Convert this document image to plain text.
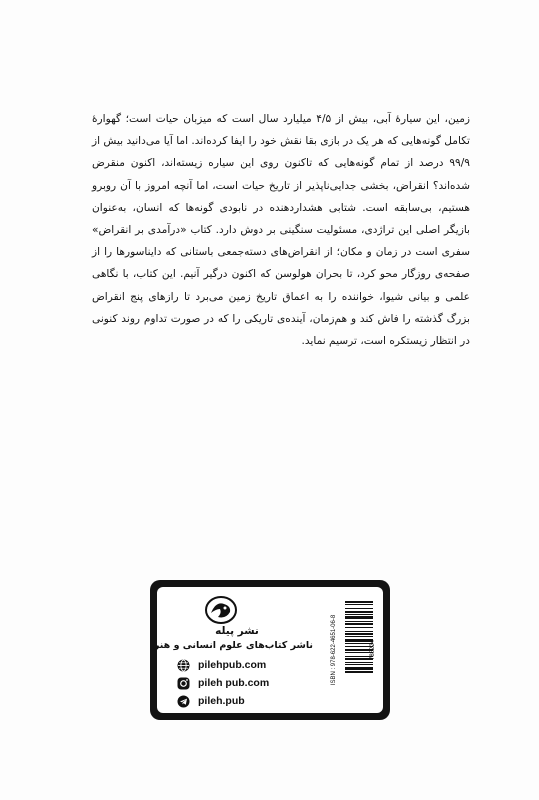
زمین، این سیارهٔ آبی، بیش از ۴/۵ میلیارد سال است که میزبان حیات است؛ گهوارهٔ تکامل گونه‌هایی که هر یک در بازی بقا نقش خود را ایفا کرده‌اند. اما آیا می‌دانید بیش از ۹۹/۹ درصد از تمام گونه‌هایی که تاکنون روی این سیاره زیسته‌اند، اکنون منقرض شده‌اند؟ انقراض، بخشی جدایی‌ناپذیر از تاریخ حیات است، اما آنچه امروز با آن روبرو هستیم، بی‌سابقه است. شتابی هشداردهنده در نابودی گونه‌ها که انسان، به‌عنوان بازیگر اصلی این تراژدی، مسئولیت سنگینی بر دوش دارد. کتاب «درآمدی بر انقراض» سفری است در زمان و مکان؛ از انقراض‌های دسته‌جمعی باستانی که دایناسورها را از صفحه‌ی روزگار محو کرد، تا بحران هولوسن که اکنون درگیر آنیم. این کتاب، با نگاهی علمی و بیانی شیوا، خواننده را به اعماق تاریخ زمین می‌برد تا رازهای پنج انقراض بزرگ گذشته را فاش کند و هم‌زمان، آینده‌ی تاریکی را که در صورت تداوم روند کنونی در انتظار زیستکره است، ترسیم نماید.

نشر پیله
ناشر کتاب‌های علوم انسانی و هنر
pilehpub.com
pileh pub.com
pileh.pub
ISBN : 978-622-4651-06-8	786224
